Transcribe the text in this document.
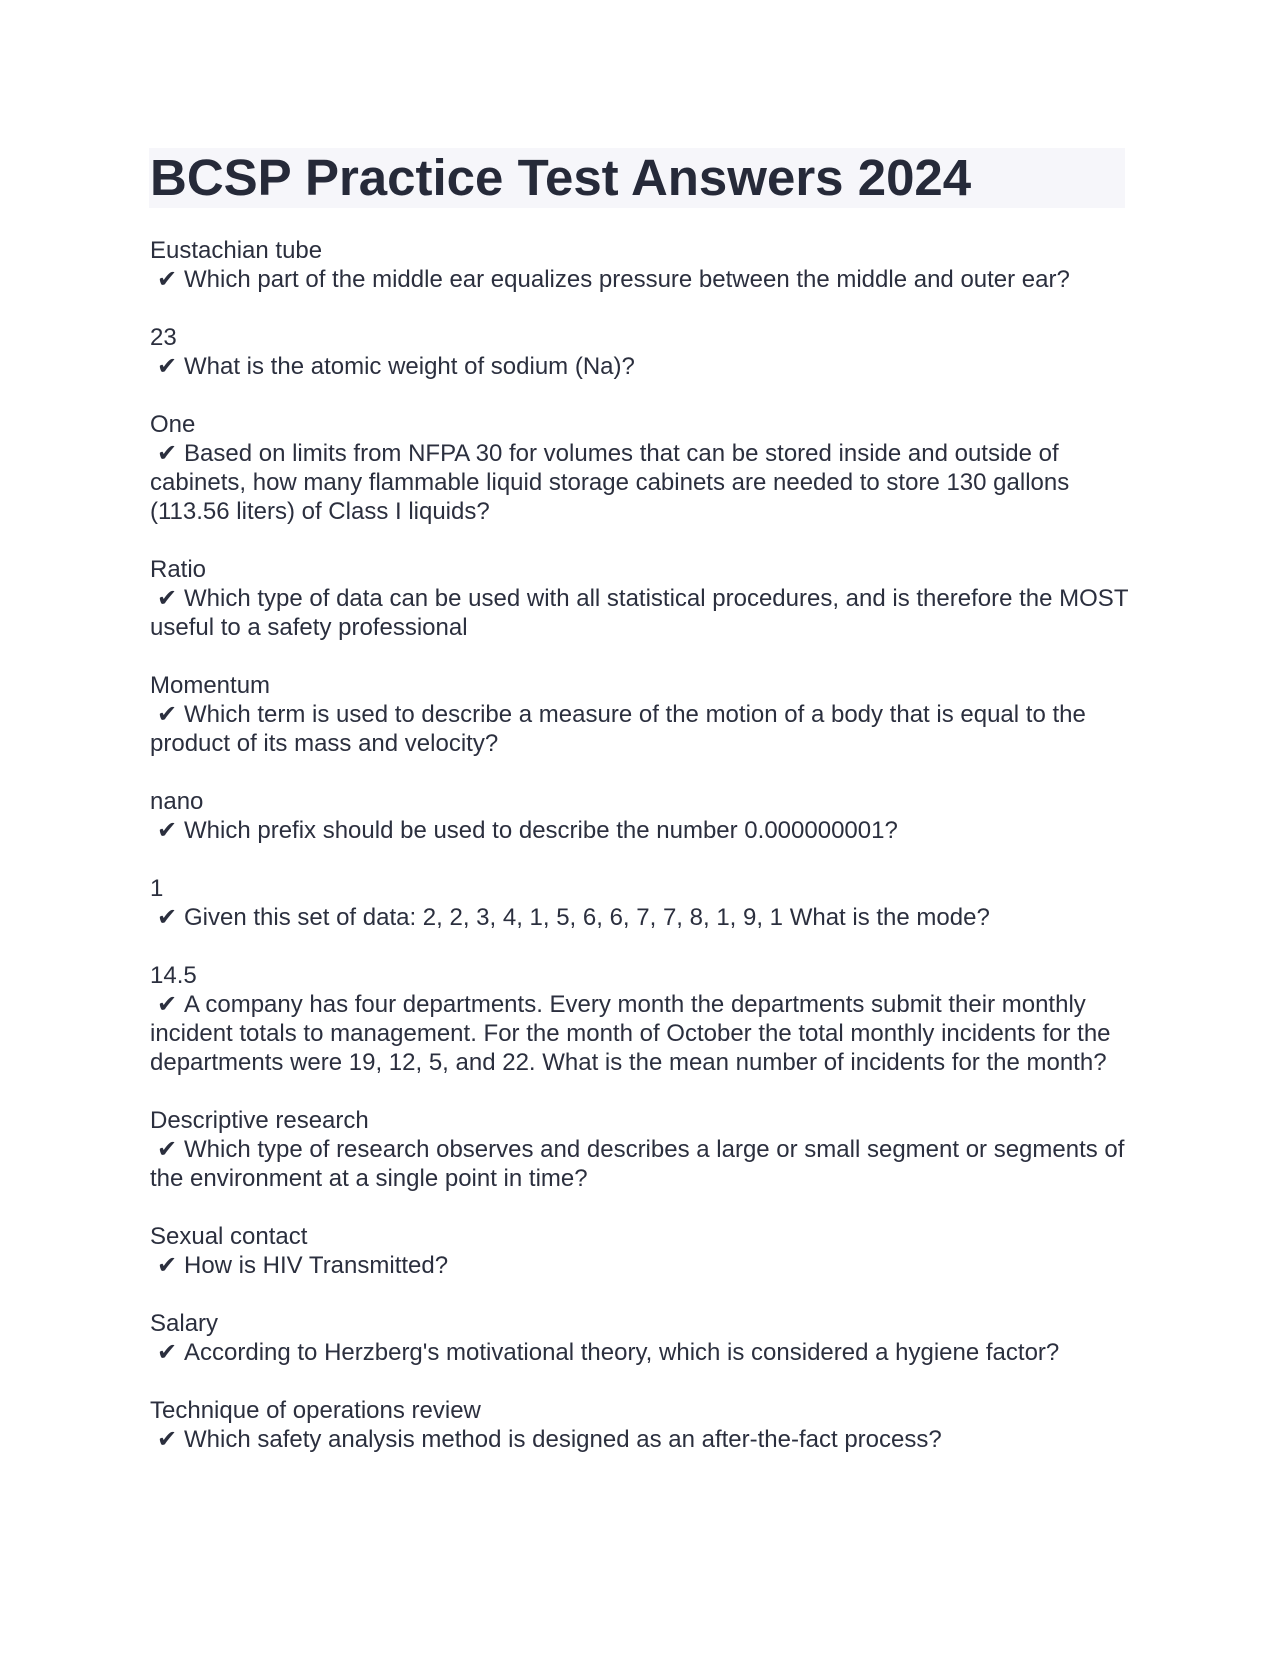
BCSP Practice Test Answers 2024
Eustachian tube
✔ Which part of the middle ear equalizes pressure between the middle and outer ear?
23
✔ What is the atomic weight of sodium (Na)?
One
✔ Based on limits from NFPA 30 for volumes that can be stored inside and outside of cabinets, how many flammable liquid storage cabinets are needed to store 130 gallons (113.56 liters) of Class I liquids?
Ratio
✔ Which type of data can be used with all statistical procedures, and is therefore the MOST useful to a safety professional
Momentum
✔ Which term is used to describe a measure of the motion of a body that is equal to the product of its mass and velocity?
nano
✔ Which prefix should be used to describe the number 0.000000001?
1
✔ Given this set of data: 2, 2, 3, 4, 1, 5, 6, 6, 7, 7, 8, 1, 9, 1 What is the mode?
14.5
✔ A company has four departments. Every month the departments submit their monthly incident totals to management. For the month of October the total monthly incidents for the departments were 19, 12, 5, and 22. What is the mean number of incidents for the month?
Descriptive research
✔ Which type of research observes and describes a large or small segment or segments of the environment at a single point in time?
Sexual contact
✔ How is HIV Transmitted?
Salary
✔ According to Herzberg's motivational theory, which is considered a hygiene factor?
Technique of operations review
✔ Which safety analysis method is designed as an after-the-fact process?
